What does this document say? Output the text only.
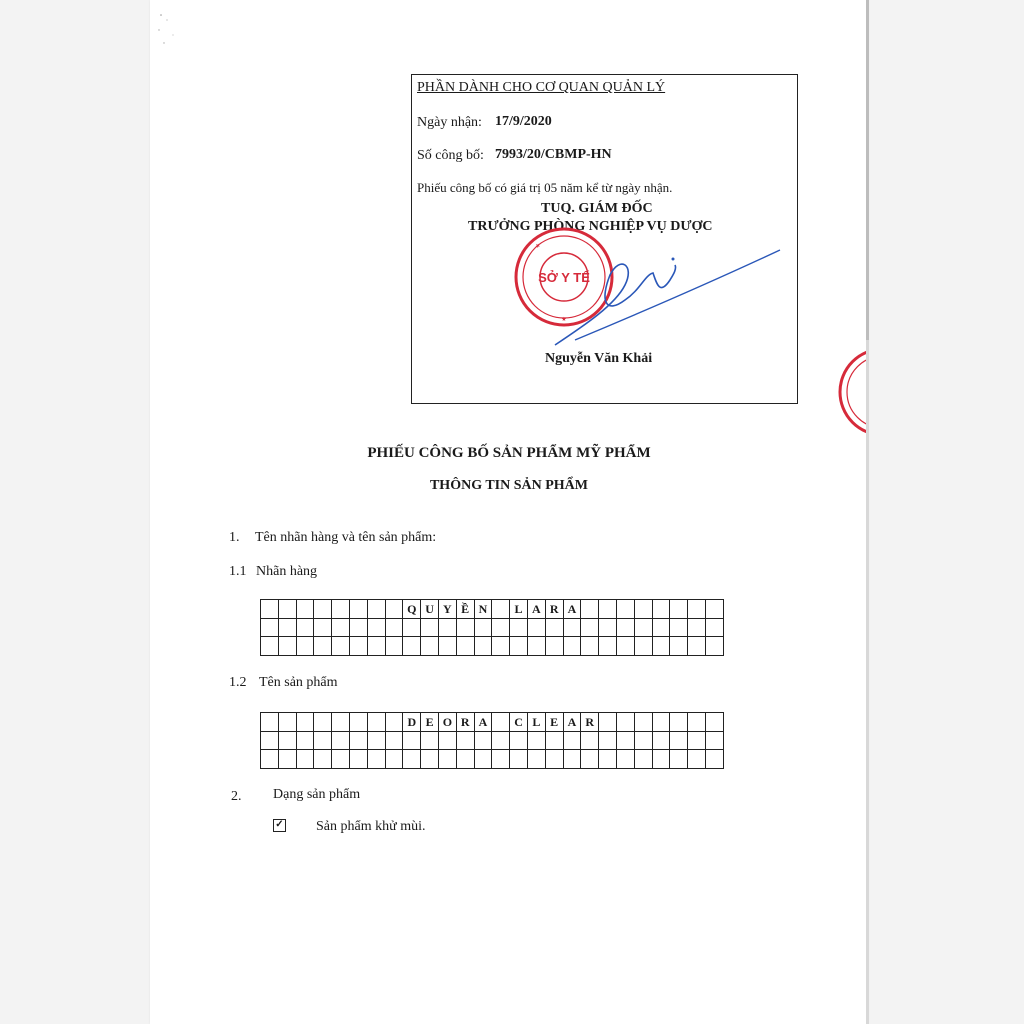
PHẦN DÀNH CHO CƠ QUAN QUẢN LÝ
Ngày nhận: 17/9/2020
Số công bố: 7993/20/CBMP-HN
Phiếu công bố có giá trị 05 năm kể từ ngày nhận.
TUQ. GIÁM ĐỐC
TRƯỞNG PHÒNG NGHIỆP VỤ DƯỢC
SỞ Y TẾ
★
★
Nguyễn Văn Khải
PHIẾU CÔNG BỐ SẢN PHẨM MỸ PHẨM
THÔNG TIN SẢN PHẨM
1. Tên nhãn hàng và tên sản phẩm:
1.1 Nhãn hàng
Q U Y Ề N	L A R A
1.2 Tên sản phẩm
D E O R A	C L E A R
2. Dạng sản phẩm
✓ Sản phẩm khử mùi.
